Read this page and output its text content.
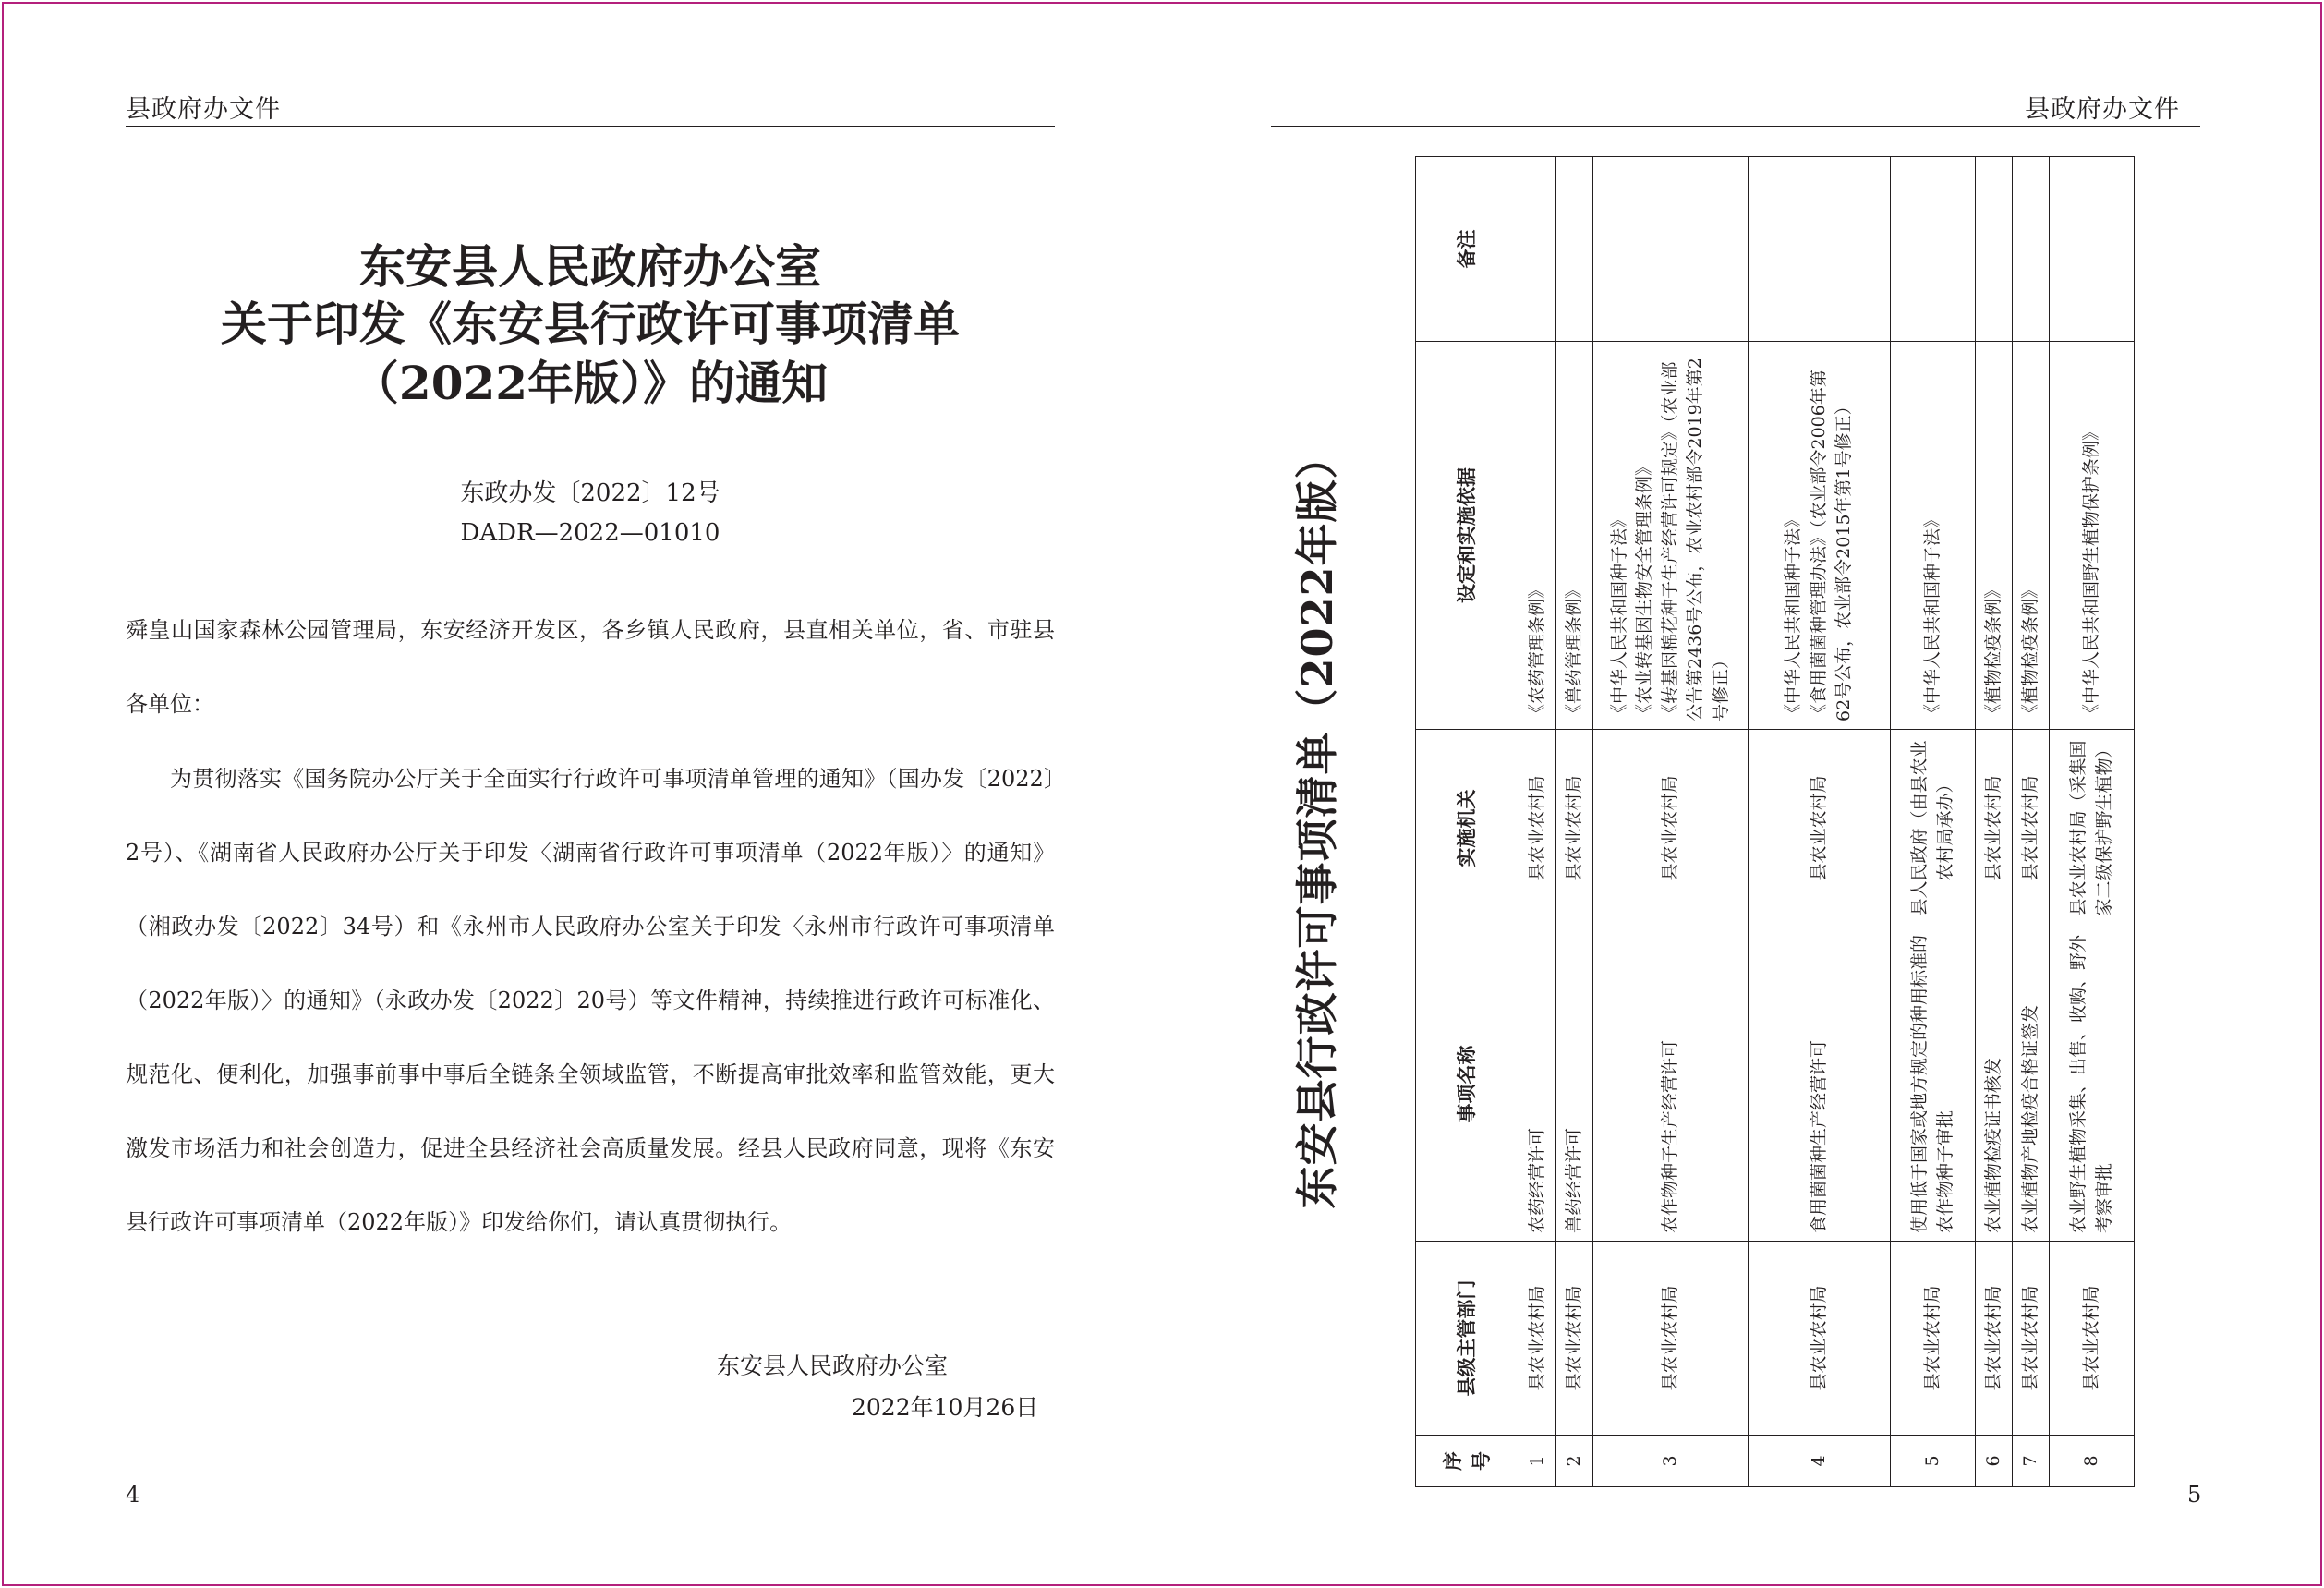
县政府办文件
东安县人民政府办公室
关于印发《东安县行政许可事项清单
（2022年版）》的通知
东政办发〔2022〕12号
DADR—2022—01010

舜皇山国家森林公园管理局，东安经济开发区，各乡镇人民政府，县直相关单位，省、市驻县各单位：

为贯彻落实《国务院办公厅关于全面实行行政许可事项清单管理的通知》（国办发〔2022〕2号）、《湖南省人民政府办公厅关于印发〈湖南省行政许可事项清单（2022年版）〉的通知》（湘政办发〔2022〕34号）和《永州市人民政府办公室关于印发〈永州市行政许可事项清单（2022年版）〉的通知》（永政办发〔2022〕20号）等文件精神，持续推进行政许可标准化、规范化、便利化，加强事前事中事后全链条全领域监管，不断提高审批效率和监管效能，更大激发市场活力和社会创造力，促进全县经济社会高质量发展。经县人民政府同意，现将《东安县行政许可事项清单（2022年版）》印发给你们，请认真贯彻执行。

东安县人民政府办公室
2022年10月26日
4
县政府办文件
东安县行政许可事项清单（2022年版）
序号	县级主管部门	事项名称	实施机关	设定和实施依据	备注
1	县农业农村局	农药经营许可	县农业农村局	《农药管理条例》	

2	县农业农村局	兽药经营许可	县农业农村局	《兽药管理条例》	

3	县农业农村局	农作物种子生产经营许可	县农业农村局	《中华人民共和国种子法》 《农业转基因生物安全管理条例》 《转基因棉花种子生产经营许可规定》（农业部公告第2436号公布，农业农村部令2019年第2号修正）	

4	县农业农村局	食用菌菌种生产经营许可	县农业农村局	《中华人民共和国种子法》 《食用菌菌种管理办法》（农业部令2006年第62号公布，农业部令2015年第1号修正）	

5	县农业农村局	使用低于国家或地方规定的种用标准的农作物种子审批	县人民政府（由县农业农村局承办）	《中华人民共和国种子法》	

6	县农业农村局	农业植物检疫证书核发	县农业农村局	《植物检疫条例》	

7	县农业农村局	农业植物产地检疫合格证签发	县农业农村局	《植物检疫条例》	

8	县农业农村局	农业野生植物采集、出售、收购、野外考察审批	县农业农村局（采集国家二级保护野生植物）	《中华人民共和国野生植物保护条例》	

5
